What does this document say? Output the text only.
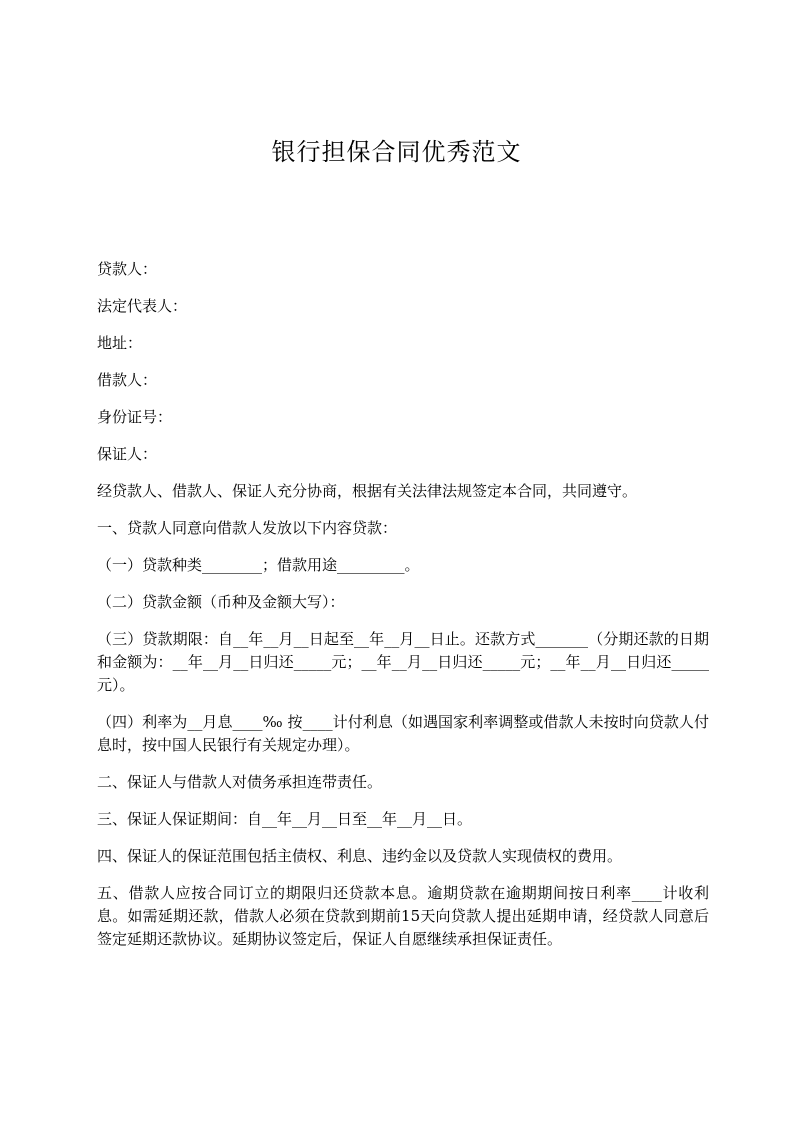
银行担保合同优秀范文

贷款人：

法定代表人：

地址：

借款人：

身份证号：

保证人：

经贷款人、借款人、保证人充分协商，根据有关法律法规签定本合同，共同遵守。

一、贷款人同意向借款人发放以下内容贷款：

（一）贷款种类________；借款用途_________。

（二）贷款金额（币种及金额大写）：

（三）贷款期限：自__年__月__日起至__年__月__日止。还款方式_______（分期还款的日期和金额为：__年__月__日归还_____元；__年__月__日归还_____元；__年__月__日归还_____元）。

（四）利率为__月息____‰ 按____计付利息（如遇国家利率调整或借款人未按时向贷款人付息时，按中国人民银行有关规定办理）。

二、保证人与借款人对债务承担连带责任。

三、保证人保证期间：自__年__月__日至__年__月__日。

四、保证人的保证范围包括主债权、利息、违约金以及贷款人实现债权的费用。

五、借款人应按合同订立的期限归还贷款本息。逾期贷款在逾期期间按日利率____计收利息。如需延期还款，借款人必须在贷款到期前15天向贷款人提出延期申请，经贷款人同意后签定延期还款协议。延期协议签定后，保证人自愿继续承担保证责任。
